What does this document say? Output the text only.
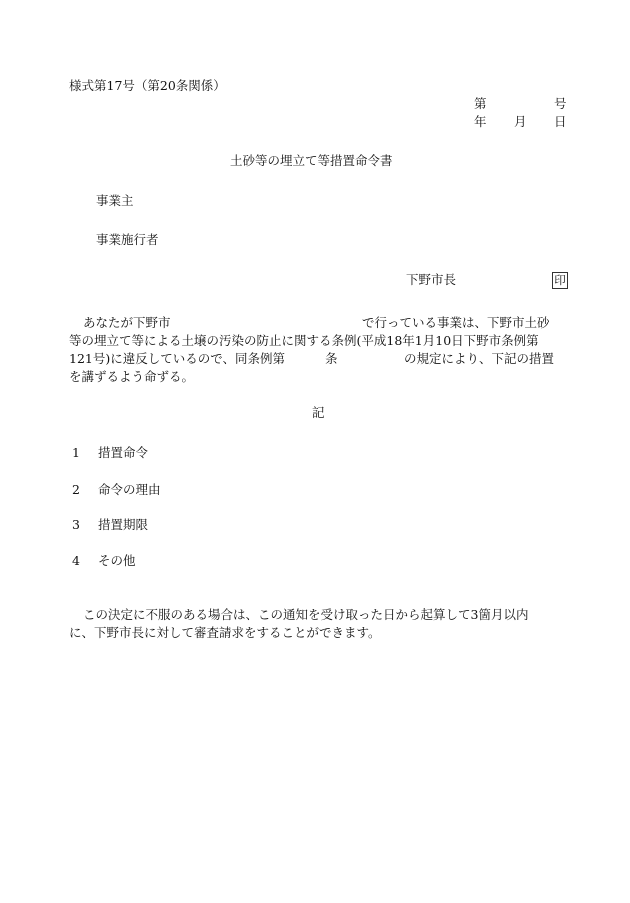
様式第17号（第20条関係）
第	号
年 月 日
土砂等の埋立て等措置命令書
事業主
事業施行者
下野市長	印
あなたが下野市	で行っている事業は、下野市土砂
等の埋立て等による土壌の汚染の防止に関する条例(平成18年1月10日下野市条例第
121号)に違反しているので、同条例第	条	の規定により、下記の措置
を講ずるよう命ずる。
記
1 措置命令
2 命令の理由
3 措置期限
4 その他
この決定に不服のある場合は、この通知を受け取った日から起算して3箇月以内
に、下野市長に対して審査請求をすることができます。
